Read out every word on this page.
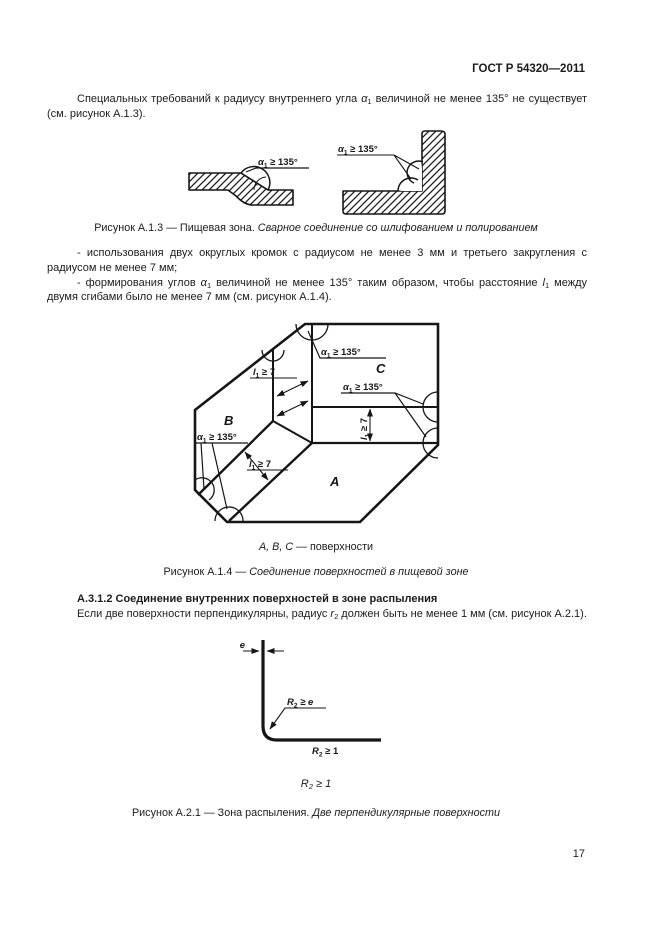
ГОСТ Р 54320—2011

Специальных требований к радиусу внутреннего угла $\alpha_1$ величиной не менее 135° не существует (см. рисунок А.1.3).

$\alpha_1 \ge 135^\circ$
$\alpha_1 \ge 135^\circ$
Рисунок А.1.3 — Пищевая зона. Сварное соединение со шлифованием и полированием

- использования двух округлых кромок с радиусом не менее 3 мм и третьего закругления с радиусом не менее 7 мм;

- формирования углов $\alpha_1$ величиной не менее 135° таким образом, чтобы расстояние $l_1$ между двумя сгибами было не менее 7 мм (см. рисунок А.1.4).

$\alpha_1 \ge 135^\circ$
$\alpha_1 \ge 135^\circ$
$\alpha_1 \ge 135^\circ$
$l_1 \ge 7$
$l_1 \ge 7$
$l_1 \ge 7$
В
С
А
А, В, С — поверхности
Рисунок А.1.4 — Соединение поверхностей в пищевой зоне

А.3.1.2 Соединение внутренних поверхностей в зоне распыления

Если две поверхности перпендикулярны, радиус $r_2$ должен быть не менее 1 мм (см. рисунок А.2.1).

e
$R_2 \ge e$
$R_2 \ge 1$
$R_2 \ge 1$
Рисунок А.2.1 — Зона распыления. Две перпендикулярные поверхности
17
